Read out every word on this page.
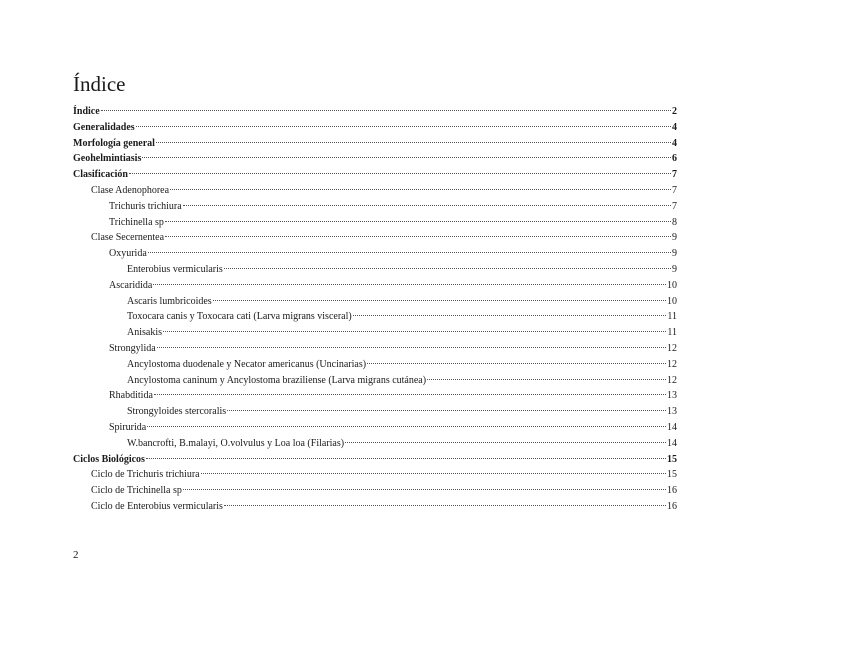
Índice
Índice	2
Generalidades	4
Morfología general	4
Geohelmintiasis	6
Clasificación	7
Clase Adenophorea	7
Trichuris trichiura	7
Trichinella sp	8
Clase Secernentea	9
Oxyurida	9
Enterobius vermicularis	9
Ascaridida	10
Ascaris lumbricoides	10
Toxocara canis y Toxocara cati (Larva migrans visceral)	11
Anisakis	11
Strongylida	12
Ancylostoma duodenale y Necator americanus (Uncinarias)	12
Ancylostoma caninum y Ancylostoma braziliense (Larva migrans cutánea)	12
Rhabditida	13
Strongyloides stercoralis	13
Spirurida	14
W.bancrofti, B.malayi, O.volvulus y Loa loa (Filarias)	14
Ciclos Biológicos	15
Ciclo de Trichuris trichiura	15
Ciclo de Trichinella sp	16
Ciclo de Enterobius vermicularis	16
2
